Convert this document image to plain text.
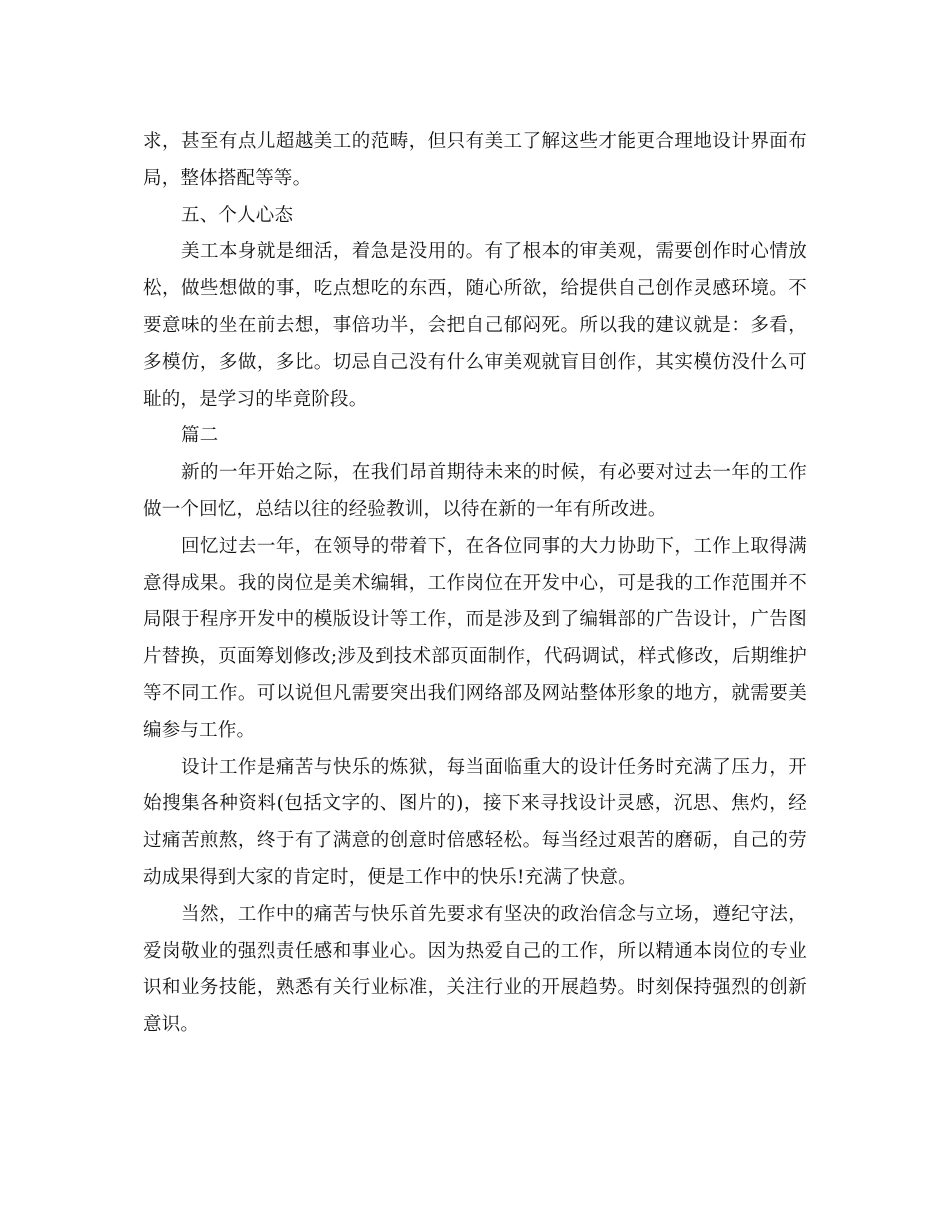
求，甚至有点儿超越美工的范畴，但只有美工了解这些才能更合理地设计界面布局，整体搭配等等。

五、个人心态

美工本身就是细活，着急是没用的。有了根本的审美观，需要创作时心情放松，做些想做的事，吃点想吃的东西，随心所欲，给提供自己创作灵感环境。不要意味的坐在前去想，事倍功半，会把自己郁闷死。所以我的建议就是：多看，多模仿，多做，多比。切忌自己没有什么审美观就盲目创作，其实模仿没什么可耻的，是学习的毕竟阶段。

篇二

新的一年开始之际，在我们昂首期待未来的时候，有必要对过去一年的工作做一个回忆，总结以往的经验教训，以待在新的一年有所改进。

回忆过去一年，在领导的带着下，在各位同事的大力协助下，工作上取得满意得成果。我的岗位是美术编辑，工作岗位在开发中心，可是我的工作范围并不局限于程序开发中的模版设计等工作，而是涉及到了编辑部的广告设计，广告图片替换，页面筹划修改;涉及到技术部页面制作，代码调试，样式修改，后期维护等不同工作。可以说但凡需要突出我们网络部及网站整体形象的地方，就需要美编参与工作。

设计工作是痛苦与快乐的炼狱，每当面临重大的设计任务时充满了压力，开始搜集各种资料(包括文字的、图片的)，接下来寻找设计灵感，沉思、焦灼，经过痛苦煎熬，终于有了满意的创意时倍感轻松。每当经过艰苦的磨砺，自己的劳动成果得到大家的肯定时，便是工作中的快乐!充满了快意。

当然，工作中的痛苦与快乐首先要求有坚决的政治信念与立场，遵纪守法，爱岗敬业的强烈责任感和事业心。因为热爱自己的工作，所以精通本岗位的专业识和业务技能，熟悉有关行业标准，关注行业的开展趋势。时刻保持强烈的创新意识。
